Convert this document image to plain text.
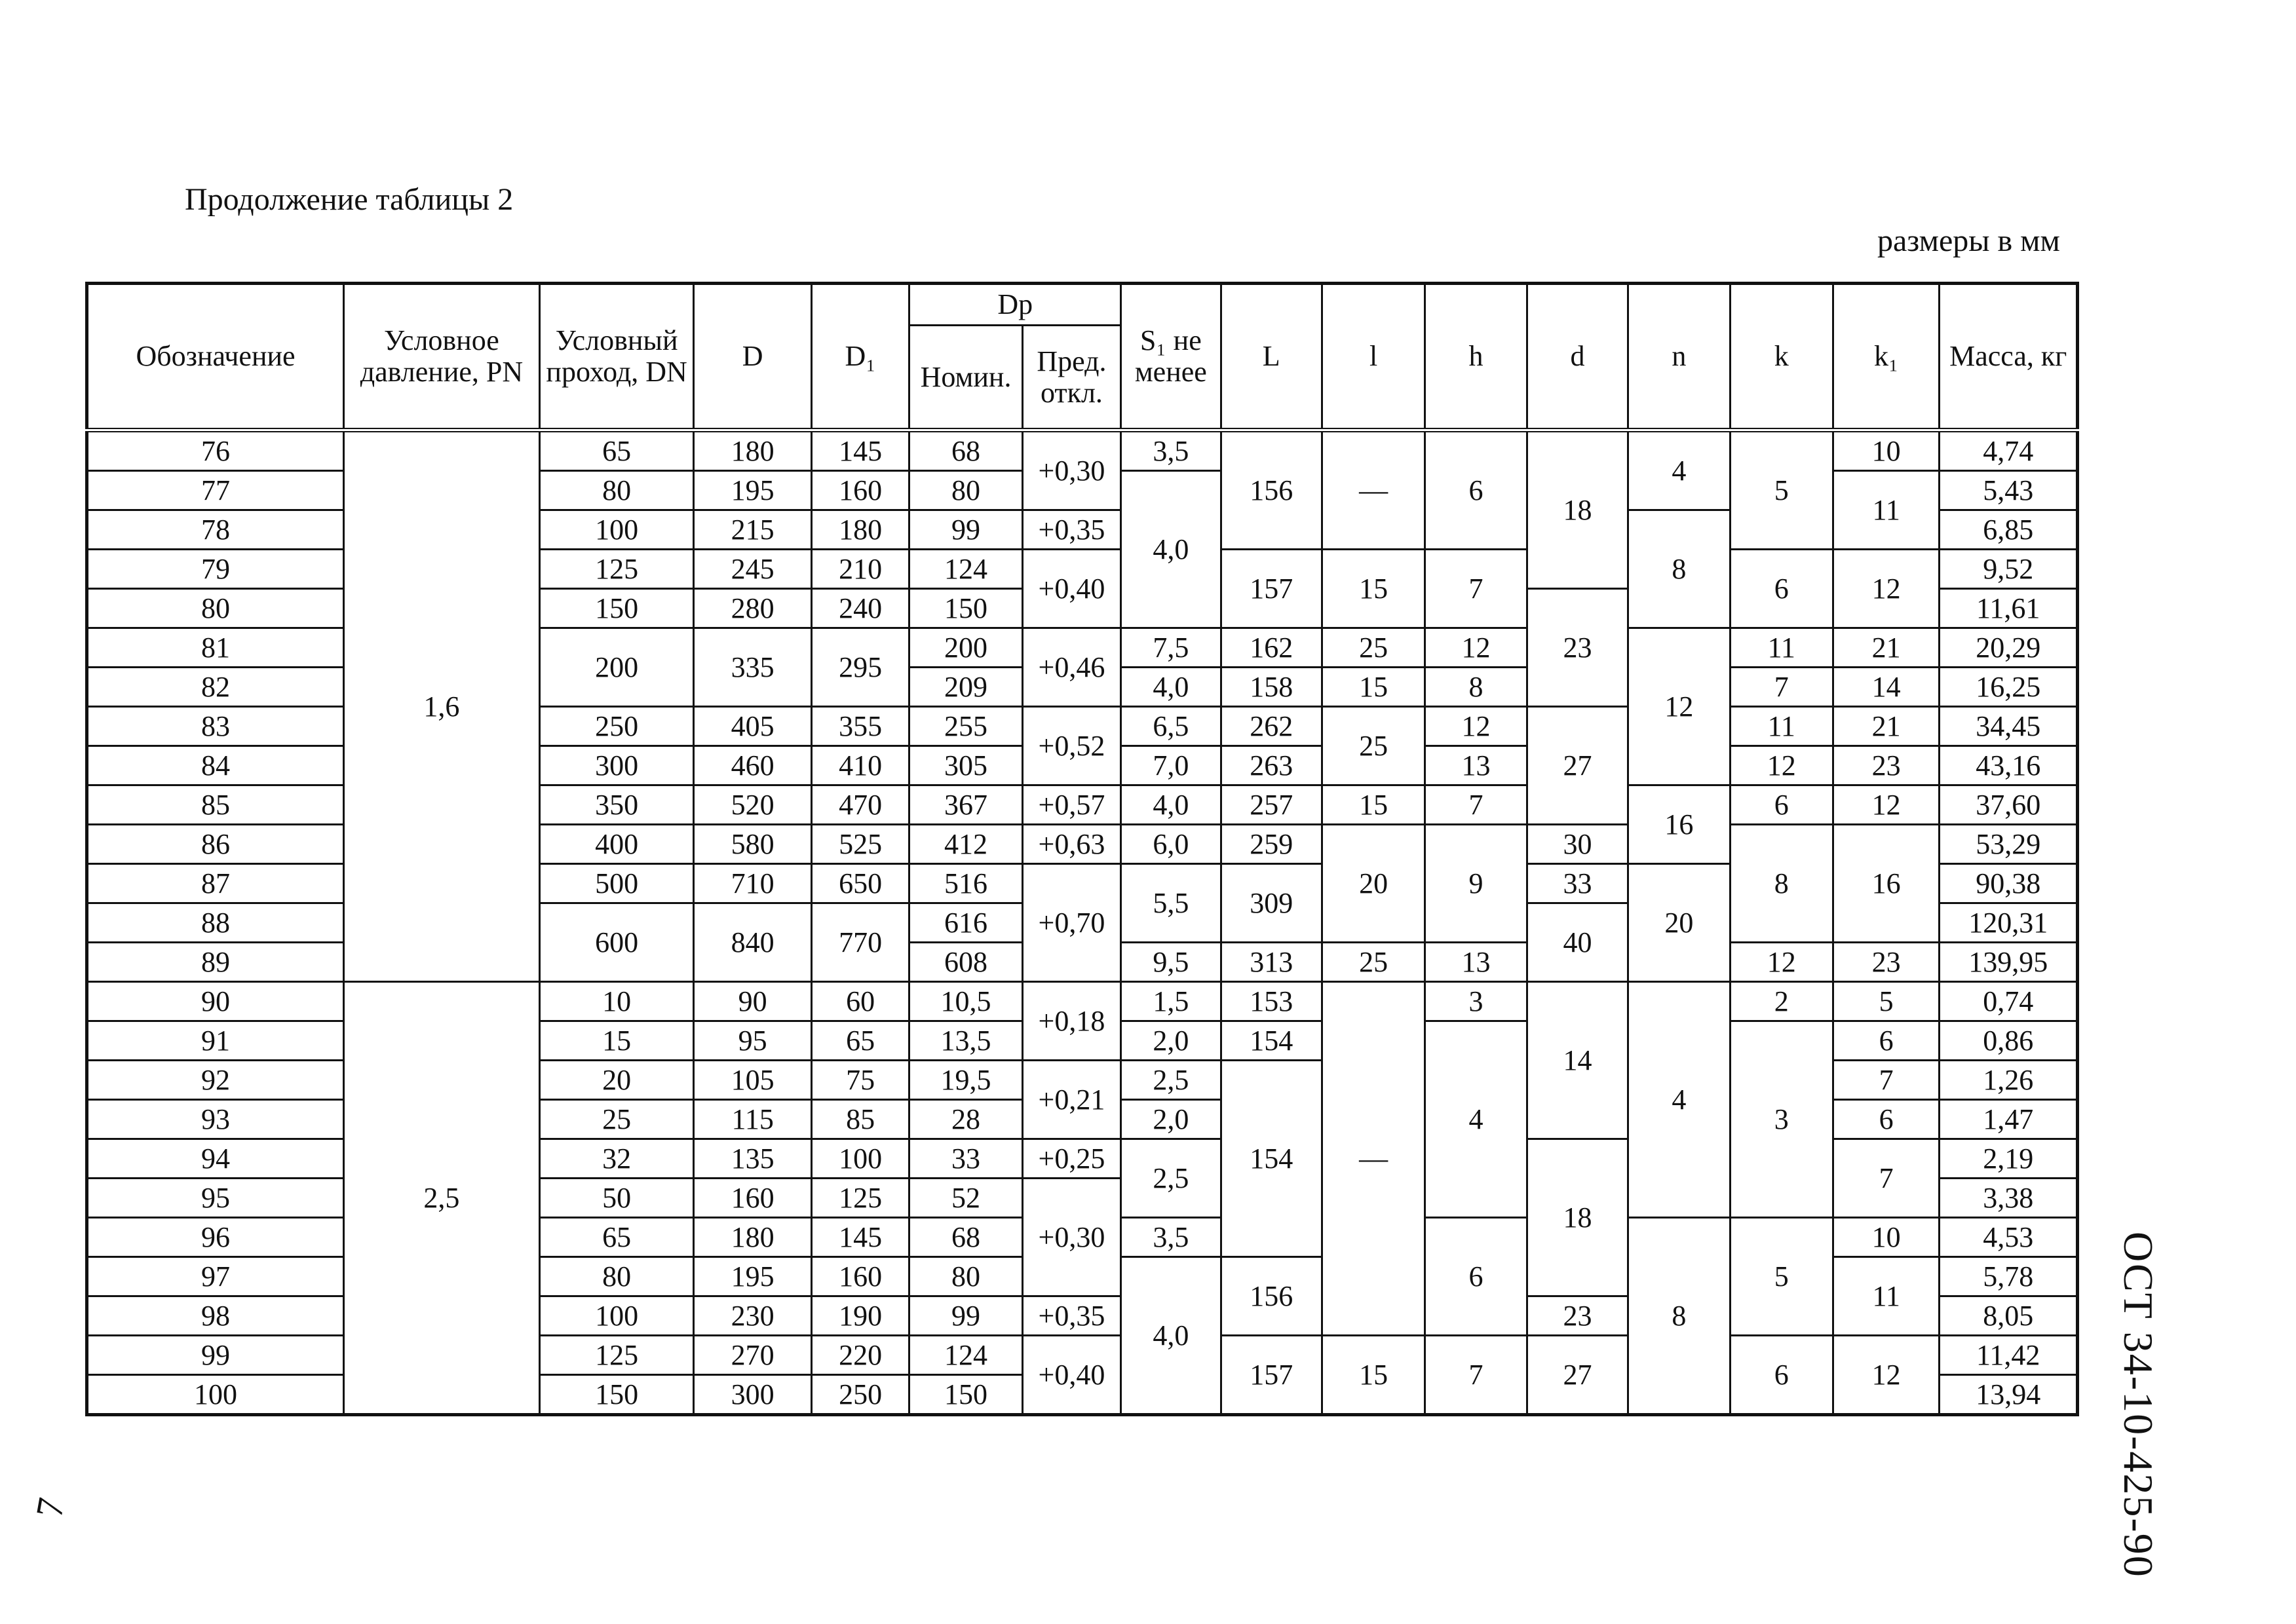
Продолжение таблицы 2
размеры в мм
Обозначение	Условное давление, PN	Условный проход, DN	D	D₁	Dp		S₁ не менее	L	l	h	d	n	k	k₁	Масса, кг
					Номин.	Пред. откл.									
76	1,6	65	180	145	68	+0,30	3,5	156	—	6	18	4	5	10	4,74
77		80	195	160	80		4,0							11	5,43
78		100	215	180	99	+0,35						8			6,85
79		125	245	210	124	+0,40		157	15	7			6	12	9,52
80		150	280	240	150						23				11,61
81		200	335	295	200	+0,46	7,5	162	25	12		12	11	21	20,29
82					209		4,0	158	15	8			7	14	16,25
83		250	405	355	255	+0,52	6,5	262	25	12	27		11	21	34,45
84		300	460	410	305		7,0	263		13			12	23	43,16
85		350	520	470	367	+0,57	4,0	257	15	7		16	6	12	37,60
86		400	580	525	412	+0,63	6,0	259	20	9	30		8	16	53,29
87		500	710	650	516	+0,70	5,5	309			33	20			90,38
88		600	840	770	616						40				120,31
89					608		9,5	313	25	13			12	23	139,95
90	2,5	10	90	60	10,5	+0,18	1,5	153	—	3	14	4	2	5	0,74
91		15	95	65	13,5		2,0	154		4			3	6	0,86
92		20	105	75	19,5	+0,21	2,5	154						7	1,26
93		25	115	85	28		2,0							6	1,47
94		32	135	100	33	+0,25	2,5				18			7	2,19
95		50	160	125	52	+0,30									3,38
96		65	180	145	68		3,5			6		8	5	10	4,53
97		80	195	160	80		4,0	156						11	5,78
98		100	230	190	99	+0,35					23				8,05
99		125	270	220	124	+0,40		157	15	7	27		6	12	11,42
100		150	300	250	150										13,94 ОСТ 34-10-425-90
7
